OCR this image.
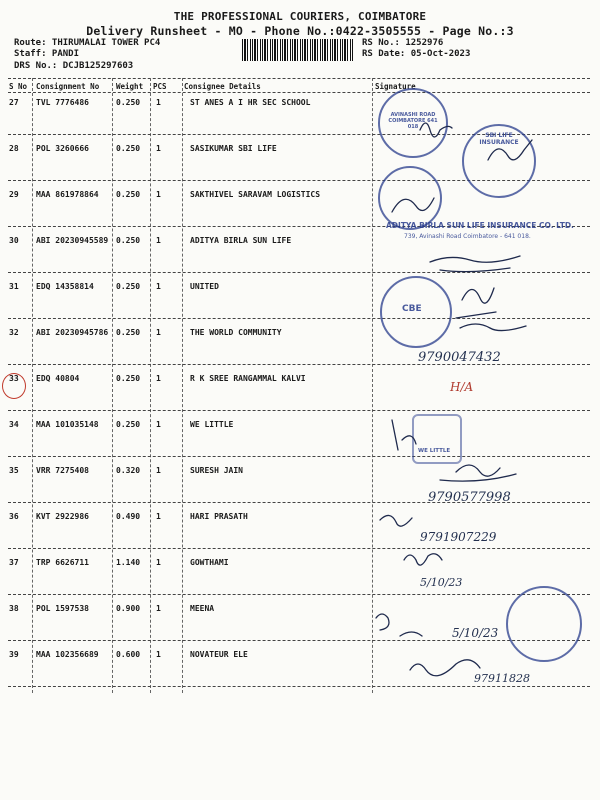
THE PROFESSIONAL COURIERS, COIMBATORE
Delivery Runsheet - MO - Phone No.:0422-3505555 - Page No.:3
Route: THIRUMALAI TOWER PC4
Staff: PANDI
DRS No.: DCJB125297603
RS No.: 1252976
RS Date: 05-Oct-2023
S No Consignment No Weight PCS Consignee Details	Signature
27 TVL 7776486	0.250 1	ST ANES A I HR SEC SCHOOL
28 POL 3260666	0.250 1	SASIKUMAR SBI LIFE
29 MAA 861978864 0.250 1	SAKTHIVEL SARAVAM LOGISTICS
30 ABI 20230945589 0.250 1	ADITYA BIRLA SUN LIFE
31 EDQ 14358814	0.250 1	UNITED
32 ABI 20230945786 0.250 1	THE WORLD COMMUNITY
33 EDQ 40804	0.250 1	R K SREE RANGAMMAL KALVI
34 MAA 101035148 0.250 1	WE LITTLE
35 VRR 7275408	0.320 1	SURESH JAIN
36 KVT 2922986	0.490 1	HARI PRASATH
37 TRP 6626711	1.140 1	GOWTHAMI
38 POL 1597538	0.900 1	MEENA
39 MAA 102356689 0.600 1	NOVATEUR ELE
AVINASHI ROAD COIMBATORE 641 018
SBI LIFE INSURANCE
ADITYA BIRLA SUN LIFE INSURANCE CO. LTD.
739, Avinashi Road Coimbatore - 641 018.
CBE
WE LITTLE
9790047432
H/A
9790577998
9791907229
5/10/23
5/10/23
97911828
